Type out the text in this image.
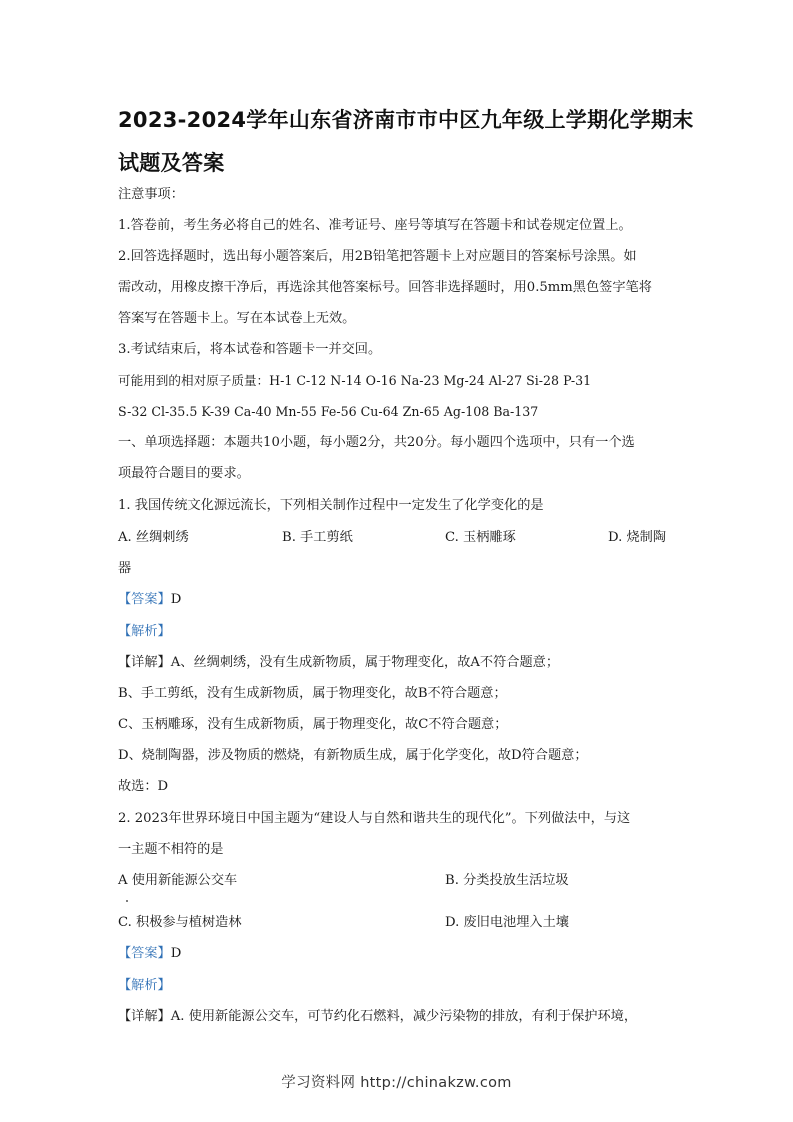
2023-2024学年山东省济南市市中区九年级上学期化学期末
试题及答案
注意事项：
1.答卷前，考生务必将自己的姓名、准考证号、座号等填写在答题卡和试卷规定位置上。
2.回答选择题时，选出每小题答案后，用2B铅笔把答题卡上对应题目的答案标号涂黑。如
需改动，用橡皮擦干净后，再选涂其他答案标号。回答非选择题时，用0.5mm黑色签字笔将
答案写在答题卡上。写在本试卷上无效。
3.考试结束后，将本试卷和答题卡一并交回。
可能用到的相对原子质量：H-1 C-12 N-14 O-16 Na-23 Mg-24 Al-27 Si-28 P-31
S-32 Cl-35.5 K-39 Ca-40 Mn-55 Fe-56 Cu-64 Zn-65 Ag-108 Ba-137
一、单项选择题：本题共10小题，每小题2分，共20分。每小题四个选项中，只有一个选
项最符合题目的要求。
1. 我国传统文化源远流长，下列相关制作过程中一定发生了化学变化的是
A. 丝绸刺绣	B. 手工剪纸	C. 玉柄雕琢	D. 烧制陶
器
【答案】D
【解析】
【详解】A、丝绸刺绣，没有生成新物质，属于物理变化，故A不符合题意；
B、手工剪纸，没有生成新物质，属于物理变化，故B不符合题意；
C、玉柄雕琢，没有生成新物质，属于物理变化，故C不符合题意；
D、烧制陶器，涉及物质的燃烧，有新物质生成，属于化学变化，故D符合题意；
故选：D
2. 2023年世界环境日中国主题为“建设人与自然和谐共生的现代化”。下列做法中，与这
一主题不相符的是
A 使用新能源公交车	B. 分类投放生活垃圾
C. 积极参与植树造林	D. 废旧电池埋入土壤
【答案】D
【解析】
【详解】A. 使用新能源公交车，可节约化石燃料，减少污染物的排放，有利于保护环境，
学习资料网 http://chinakzw.com
